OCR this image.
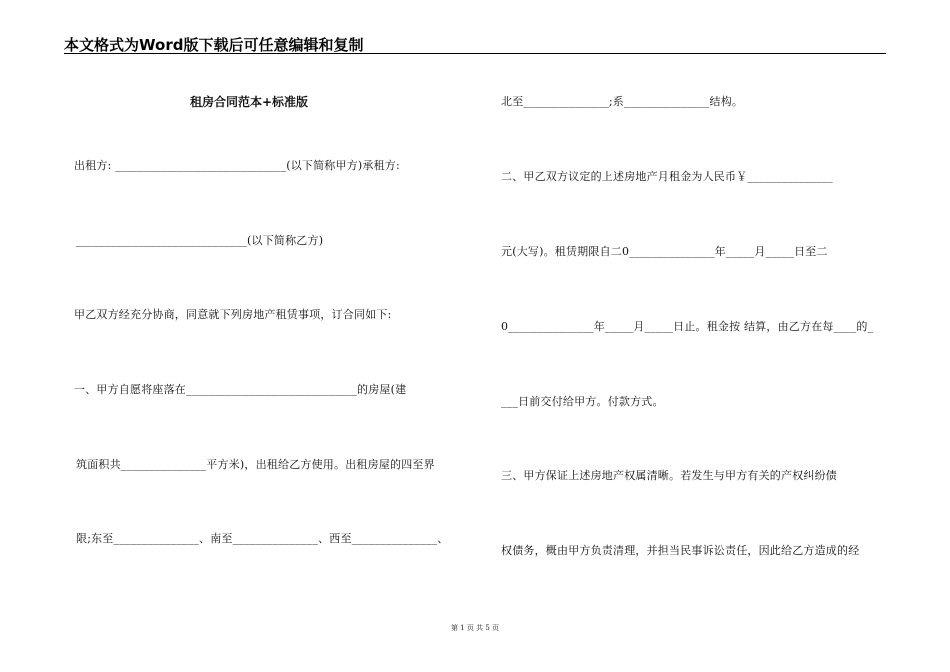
本文格式为Word版下载后可任意编辑和复制
租房合同范本+标准版
出租方: ______________________________(以下简称甲方)承租方:
______________________________(以下简称乙方)
甲乙双方经充分协商，同意就下列房地产租赁事项，订合同如下:
一、甲方自愿将座落在______________________________的房屋(建
筑面积共_______________平方米)，出租给乙方使用。出租房屋的四至界
限;东至_______________、南至_______________、西至_______________、
北至_______________;系_______________结构。
二、甲乙双方议定的上述房地产月租金为人民币￥_______________
元(大写)。租赁期限自二0_______________年_____月_____日至二
0_______________年_____月_____日止。租金按 结算，由乙方在每____的_
___日前交付给甲方。付款方式。
三、甲方保证上述房地产权属清晰。若发生与甲方有关的产权纠纷债
权债务，概由甲方负责清理，并担当民事诉讼责任，因此给乙方造成的经
第 1 页 共 5 页
